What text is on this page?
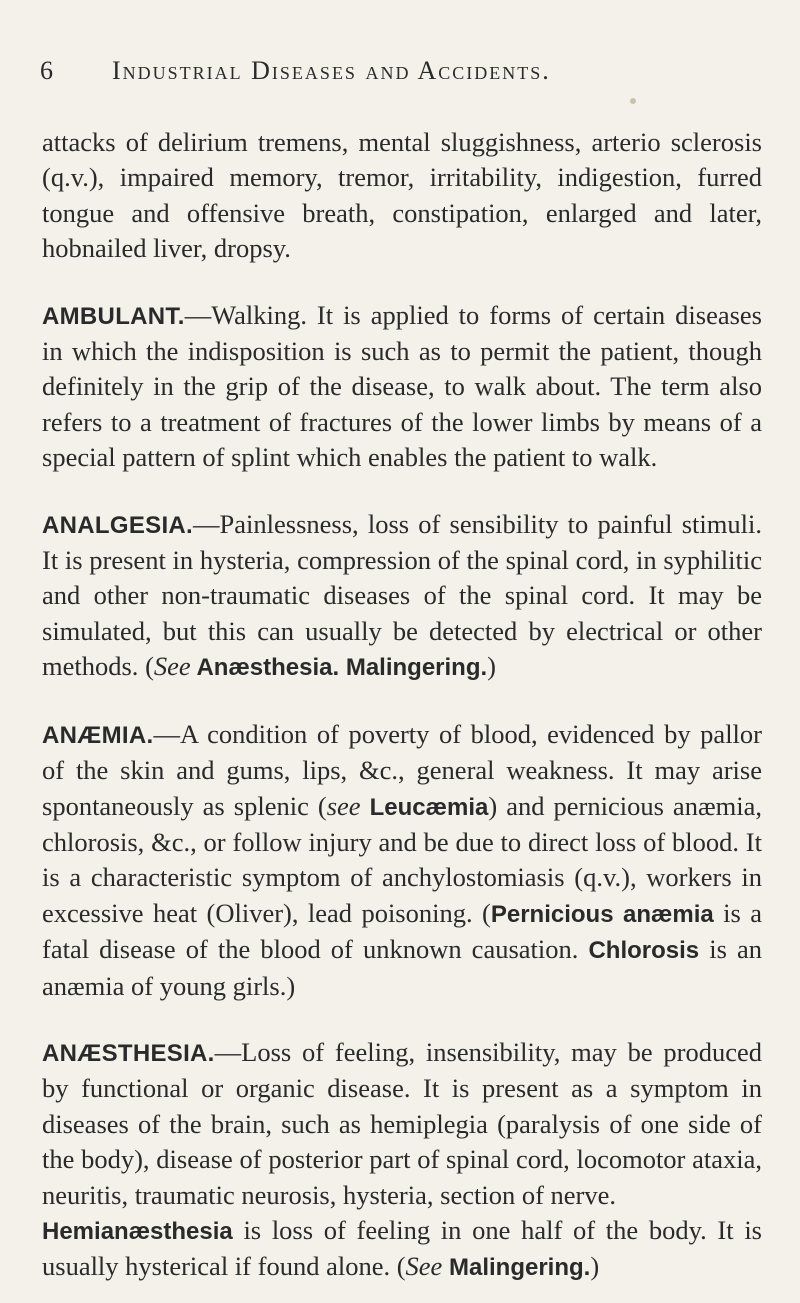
6 Industrial Diseases and Accidents.

attacks of delirium tremens, mental sluggishness, arterio sclerosis (q.v.), impaired memory, tremor, irritability, indigestion, furred tongue and offensive breath, constipation, enlarged and later, hobnailed liver, dropsy.

AMBULANT.—Walking. It is applied to forms of certain diseases in which the indisposition is such as to permit the patient, though definitely in the grip of the disease, to walk about. The term also refers to a treatment of fractures of the lower limbs by means of a special pattern of splint which enables the patient to walk.

ANALGESIA.—Painlessness, loss of sensibility to painful stimuli. It is present in hysteria, compression of the spinal cord, in syphilitic and other non-traumatic diseases of the spinal cord. It may be simulated, but this can usually be detected by electrical or other methods. (See Anæsthesia. Malingering.)

ANÆMIA.—A condition of poverty of blood, evidenced by pallor of the skin and gums, lips, &c., general weakness. It may arise spontaneously as splenic (see Leucæmia) and pernicious anæmia, chlorosis, &c., or follow injury and be due to direct loss of blood. It is a characteristic symptom of anchylostomiasis (q.v.), workers in excessive heat (Oliver), lead poisoning. (Pernicious anæmia is a fatal disease of the blood of unknown causation. Chlorosis is an anæmia of young girls.)

ANÆSTHESIA.—Loss of feeling, insensibility, may be produced by functional or organic disease. It is present as a symptom in diseases of the brain, such as hemiplegia (paralysis of one side of the body), disease of posterior part of spinal cord, locomotor ataxia, neuritis, traumatic neurosis, hysteria, section of nerve.

Hemianæsthesia is loss of feeling in one half of the body. It is usually hysterical if found alone. (See Malingering.)
